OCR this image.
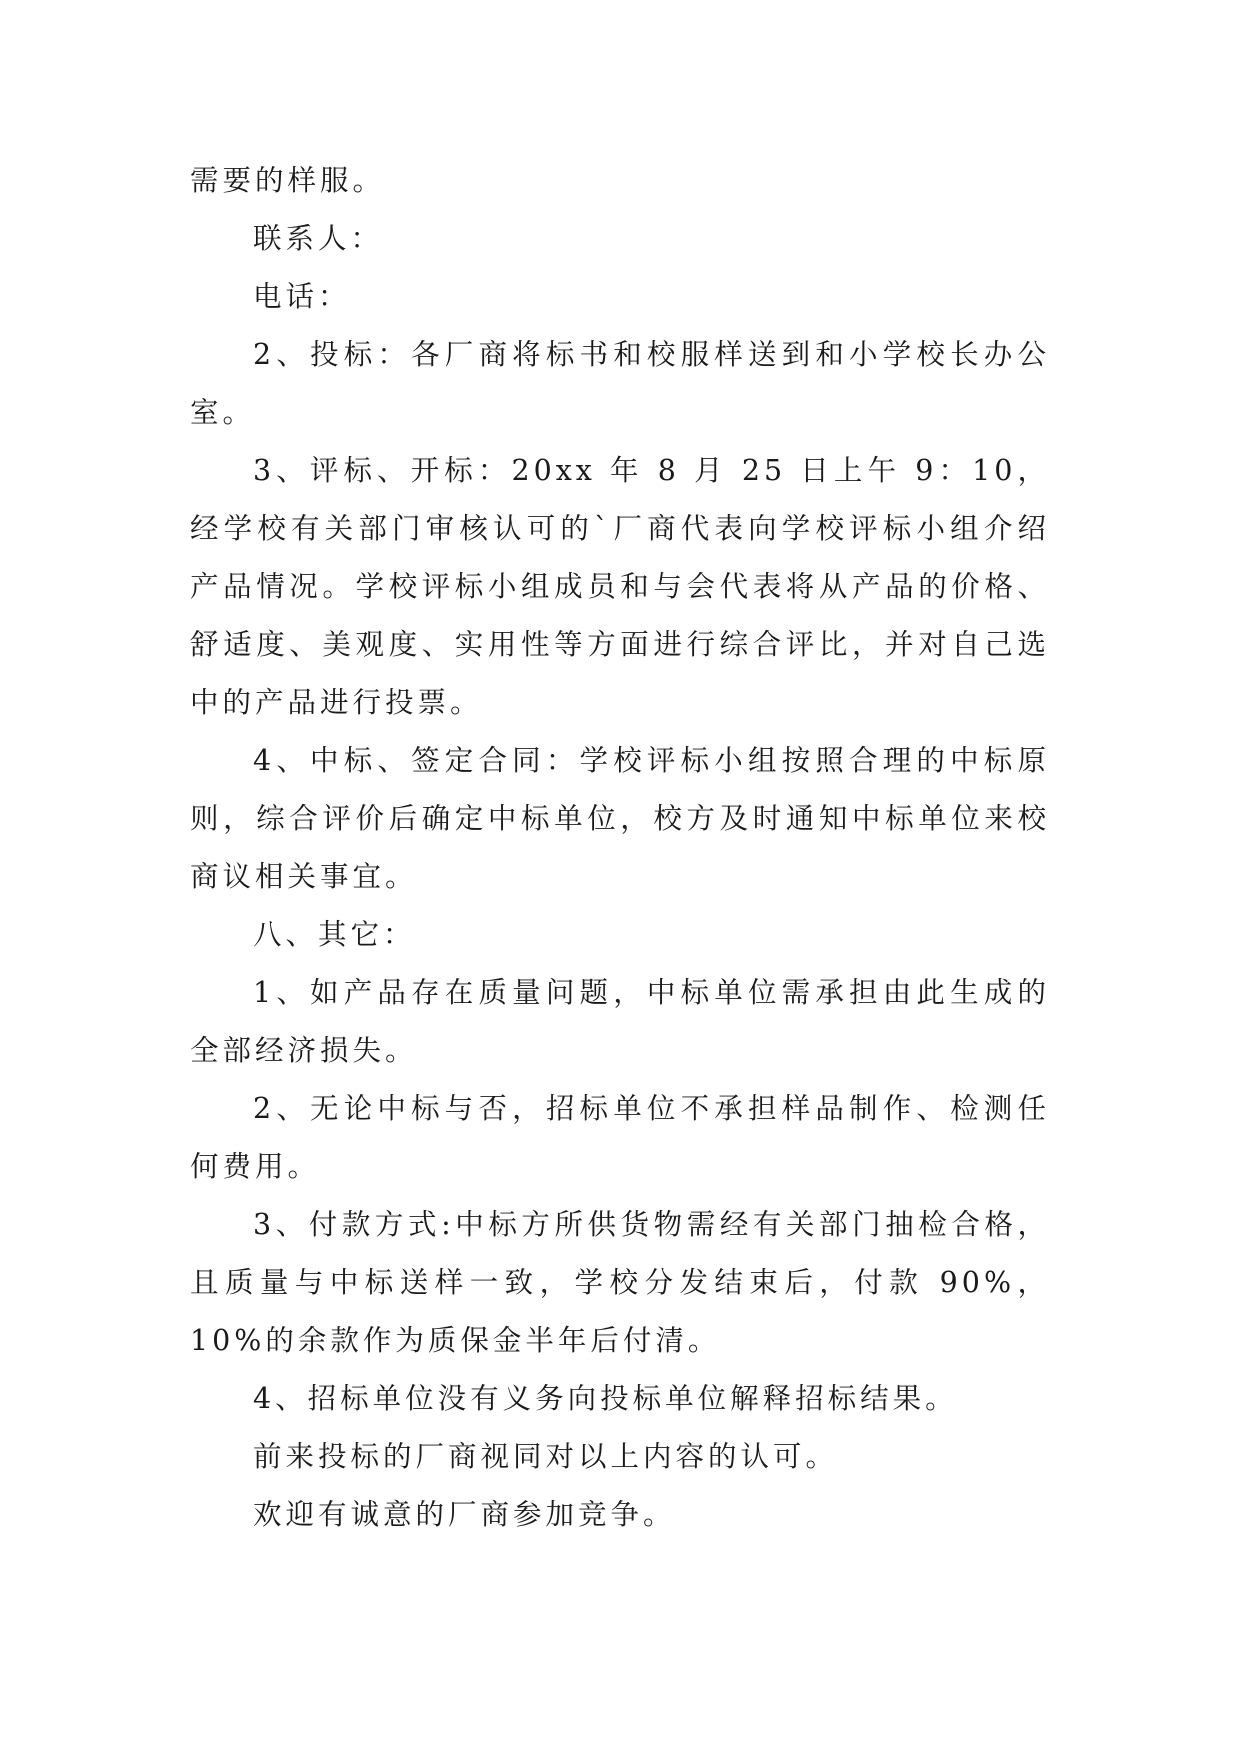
需要的样服。

联系人：

电话：

2、投标：各厂商将标书和校服样送到和小学校长办公室。

3、评标、开标：20xx 年 8 月 25 日上午 9：10，经学校有关部门审核认可的`厂商代表向学校评标小组介绍产品情况。学校评标小组成员和与会代表将从产品的价格、舒适度、美观度、实用性等方面进行综合评比，并对自己选中的产品进行投票。

4、中标、签定合同：学校评标小组按照合理的中标原则，综合评价后确定中标单位，校方及时通知中标单位来校商议相关事宜。

八、其它：

1、如产品存在质量问题，中标单位需承担由此生成的全部经济损失。

2、无论中标与否，招标单位不承担样品制作、检测任何费用。

3、付款方式:中标方所供货物需经有关部门抽检合格，且质量与中标送样一致，学校分发结束后，付款 90%，10%的余款作为质保金半年后付清。

4、招标单位没有义务向投标单位解释招标结果。

前来投标的厂商视同对以上内容的认可。

欢迎有诚意的厂商参加竞争。
